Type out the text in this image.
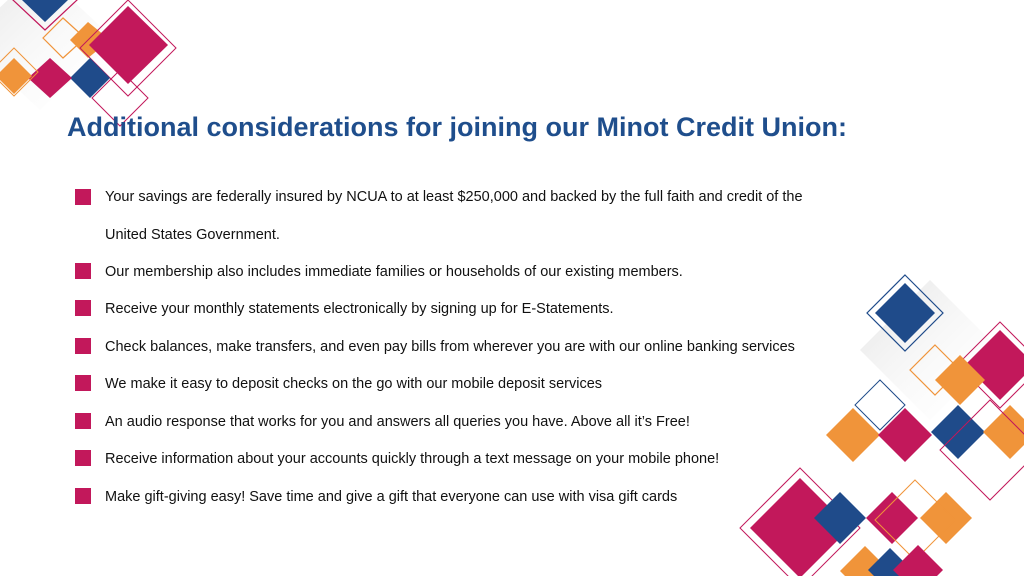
Additional considerations for joining our Minot Credit Union:
Your savings are federally insured by NCUA to at least $250,000 and backed by the full faith and credit of the
United States Government.
Our membership also includes immediate families or households of our existing members.
Receive your monthly statements electronically by signing up for E-Statements.
Check balances, make transfers, and even pay bills from wherever you are with our online banking services
We make it easy to deposit checks on the go with our mobile deposit services
An audio response that works for you and answers all queries you have. Above all it’s Free!
Receive information about your accounts quickly through a text message on your mobile phone!
Make gift-giving easy! Save time and give a gift that everyone can use with visa gift cards
